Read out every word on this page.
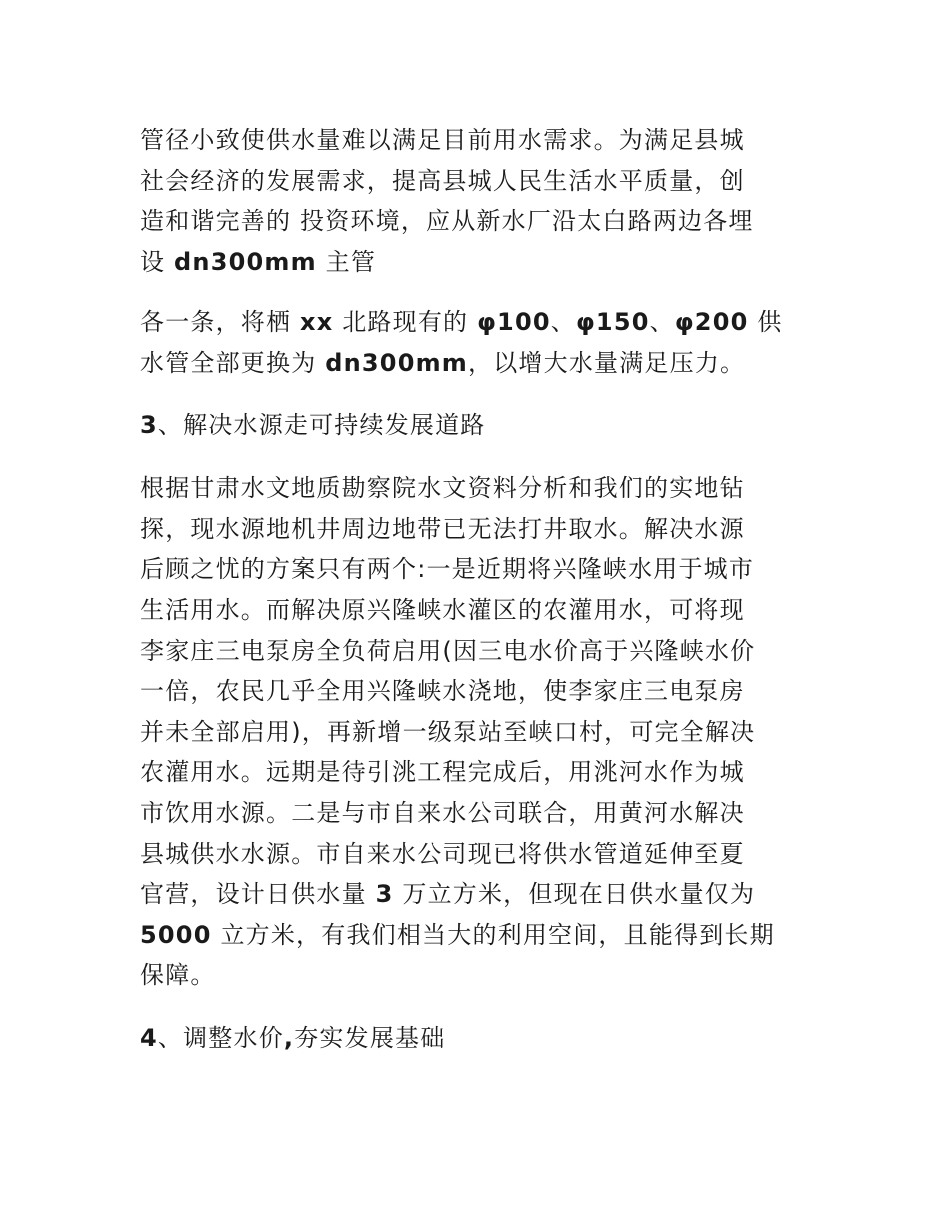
管径小致使供水量难以满足目前用水需求。为满足县城
社会经济的发展需求，提高县城人民生活水平质量，创
造和谐完善的 投资环境，应从新水厂沿太白路两边各埋
设 dn300mm 主管

各一条，将栖 xx 北路现有的 φ100、φ150、φ200 供
水管全部更换为 dn300mm，以增大水量满足压力。

3、解决水源走可持续发展道路

根据甘肃水文地质勘察院水文资料分析和我们的实地钻
探，现水源地机井周边地带已无法打井取水。解决水源
后顾之忧的方案只有两个:一是近期将兴隆峡水用于城市
生活用水。而解决原兴隆峡水灌区的农灌用水，可将现
李家庄三电泵房全负荷启用(因三电水价高于兴隆峡水价
一倍，农民几乎全用兴隆峡水浇地，使李家庄三电泵房
并未全部启用)，再新增一级泵站至峡口村，可完全解决
农灌用水。远期是待引洮工程完成后，用洮河水作为城
市饮用水源。二是与市自来水公司联合，用黄河水解决
县城供水水源。市自来水公司现已将供水管道延伸至夏
官营，设计日供水量 3 万立方米，但现在日供水量仅为
5000 立方米，有我们相当大的利用空间，且能得到长期
保障。

4、调整水价,夯实发展基础
